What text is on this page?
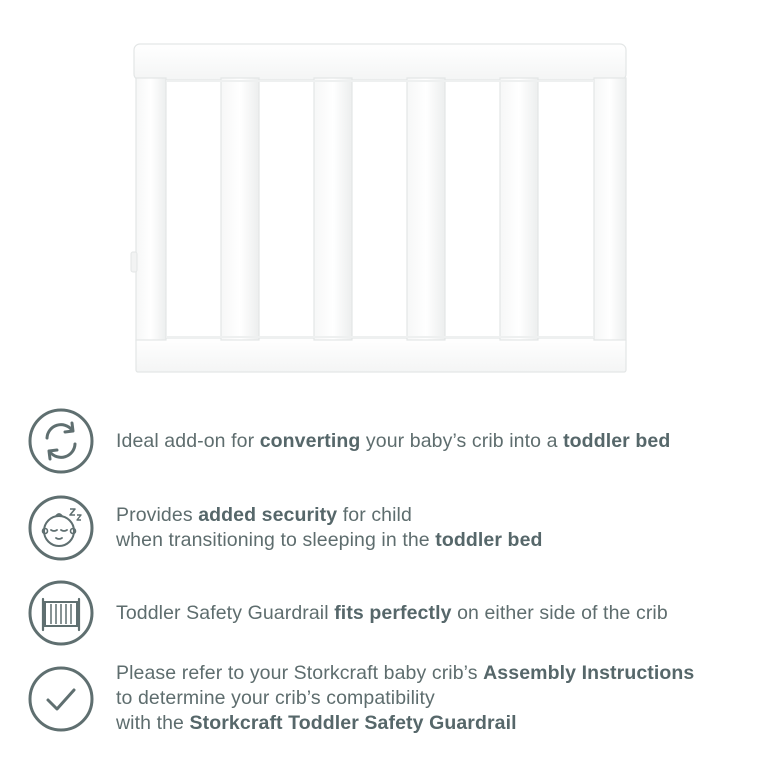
Ideal add-on for converting your baby’s crib into a toddler bed
Provides added security for child
when transitioning to sleeping in the toddler bed
Toddler Safety Guardrail fits perfectly on either side of the crib
Please refer to your Storkcraft baby crib’s Assembly Instructions
to determine your crib’s compatibility
with the Storkcraft Toddler Safety Guardrail
